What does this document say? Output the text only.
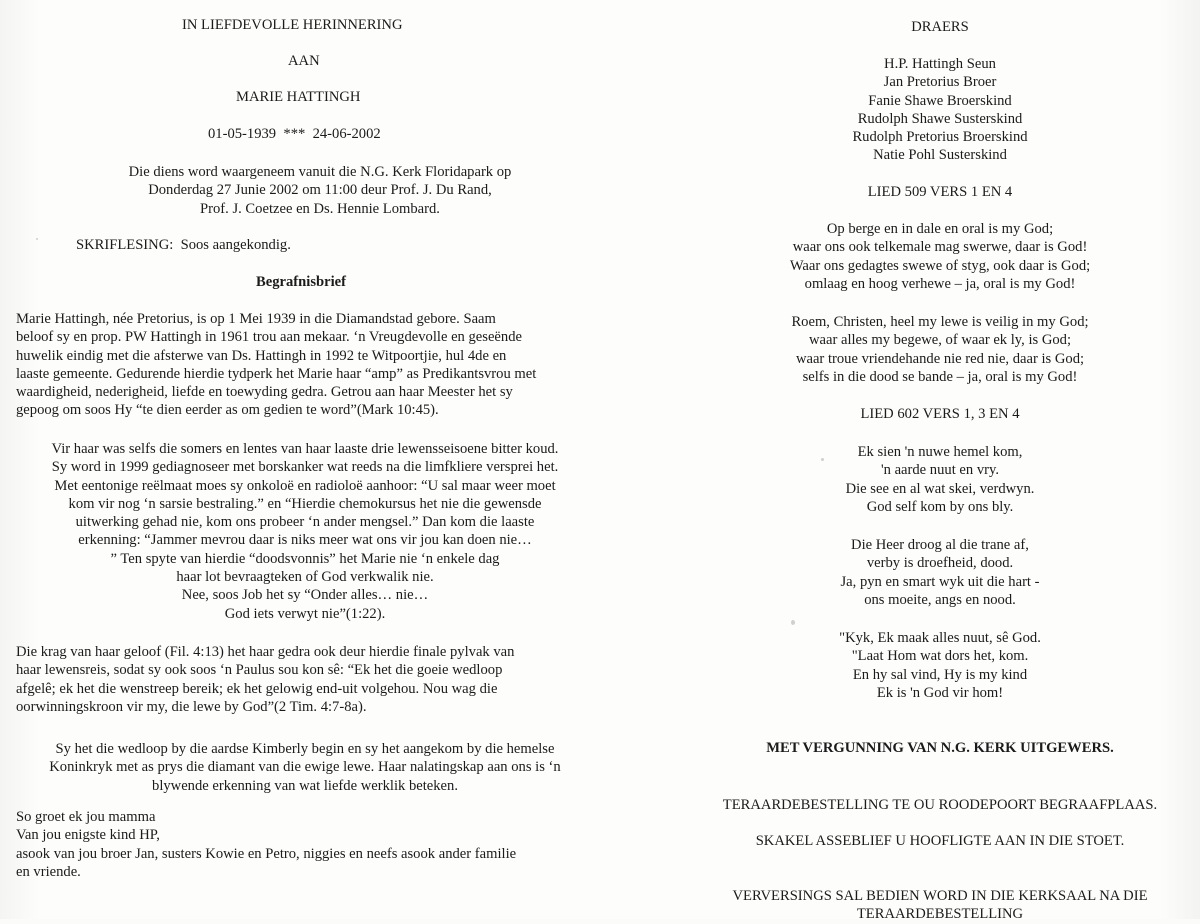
IN LIEFDEVOLLE HERINNERING
AAN
MARIE HATTINGH
01-05-1939  ***  24-06-2002
Die diens word waargeneem vanuit die N.G. Kerk Floridapark op
Donderdag 27 Junie 2002 om 11:00 deur Prof. J. Du Rand,
Prof. J. Coetzee en Ds. Hennie Lombard.
SKRIFLESING:  Soos aangekondig.
Begrafnisbrief
Marie Hattingh, née Pretorius, is op 1 Mei 1939 in die Diamandstad gebore. Saam
beloof sy en prop. PW Hattingh in 1961 trou aan mekaar. ‘n Vreugdevolle en geseënde
huwelik eindig met die afsterwe van Ds. Hattingh in 1992 te Witpoortjie, hul 4de en
laaste gemeente. Gedurende hierdie tydperk het Marie haar “amp” as Predikantsvrou met
waardigheid, nederigheid, liefde en toewyding gedra. Getrou aan haar Meester het sy
gepoog om soos Hy “te dien eerder as om gedien te word”(Mark 10:45).
Vir haar was selfs die somers en lentes van haar laaste drie lewensseisoene bitter koud.
Sy word in 1999 gediagnoseer met borskanker wat reeds na die limfkliere versprei het.
Met eentonige reëlmaat moes sy onkoloë en radioloë aanhoor: “U sal maar weer moet
kom vir nog ‘n sarsie bestraling.” en “Hierdie chemokursus het nie die gewensde
uitwerking gehad nie, kom ons probeer ‘n ander mengsel.” Dan kom die laaste
erkenning: “Jammer mevrou daar is niks meer wat ons vir jou kan doen nie…
” Ten spyte van hierdie “doodsvonnis” het Marie nie ‘n enkele dag
haar lot bevraagteken of God verkwalik nie.
Nee, soos Job het sy “Onder alles… nie…
God iets verwyt nie”(1:22).
Die krag van haar geloof (Fil. 4:13) het haar gedra ook deur hierdie finale pylvak van
haar lewensreis, sodat sy ook soos ‘n Paulus sou kon sê: “Ek het die goeie wedloop
afgelê; ek het die wenstreep bereik; ek het gelowig end-uit volgehou. Nou wag die
oorwinningskroon vir my, die lewe by God”(2 Tim. 4:7-8a).
Sy het die wedloop by die aardse Kimberly begin en sy het aangekom by die hemelse
Koninkryk met as prys die diamant van die ewige lewe. Haar nalatingskap aan ons is ‘n
blywende erkenning van wat liefde werklik beteken.
So groet ek jou mamma
Van jou enigste kind HP,
asook van jou broer Jan, susters Kowie en Petro, niggies en neefs asook ander familie
en vriende.
DRAERS
H.P. Hattingh Seun
Jan Pretorius Broer
Fanie Shawe Broerskind
Rudolph Shawe Susterskind
Rudolph Pretorius Broerskind
Natie Pohl Susterskind
LIED 509 VERS 1 EN 4
Op berge en in dale en oral is my God;
waar ons ook telkemale mag swerwe, daar is God!
Waar ons gedagtes swewe of styg, ook daar is God;
omlaag en hoog verhewe – ja, oral is my God!
Roem, Christen, heel my lewe is veilig in my God;
waar alles my begewe, of waar ek ly, is God;
waar troue vriendehande nie red nie, daar is God;
selfs in die dood se bande – ja, oral is my God!
LIED 602 VERS 1, 3 EN 4
Ek sien 'n nuwe hemel kom,
'n aarde nuut en vry.
Die see en al wat skei, verdwyn.
God self kom by ons bly.
Die Heer droog al die trane af,
verby is droefheid, dood.
Ja, pyn en smart wyk uit die hart -
ons moeite, angs en nood.
"Kyk, Ek maak alles nuut, sê God.
"Laat Hom wat dors het, kom.
En hy sal vind, Hy is my kind
Ek is 'n God vir hom!
MET VERGUNNING VAN N.G. KERK UITGEWERS.
TERAARDEBESTELLING TE OU ROODEPOORT BEGRAAFPLAAS.
SKAKEL ASSEBLIEF U HOOFLIGTE AAN IN DIE STOET.
VERVERSINGS SAL BEDIEN WORD IN DIE KERKSAAL NA DIE
TERAARDEBESTELLING
